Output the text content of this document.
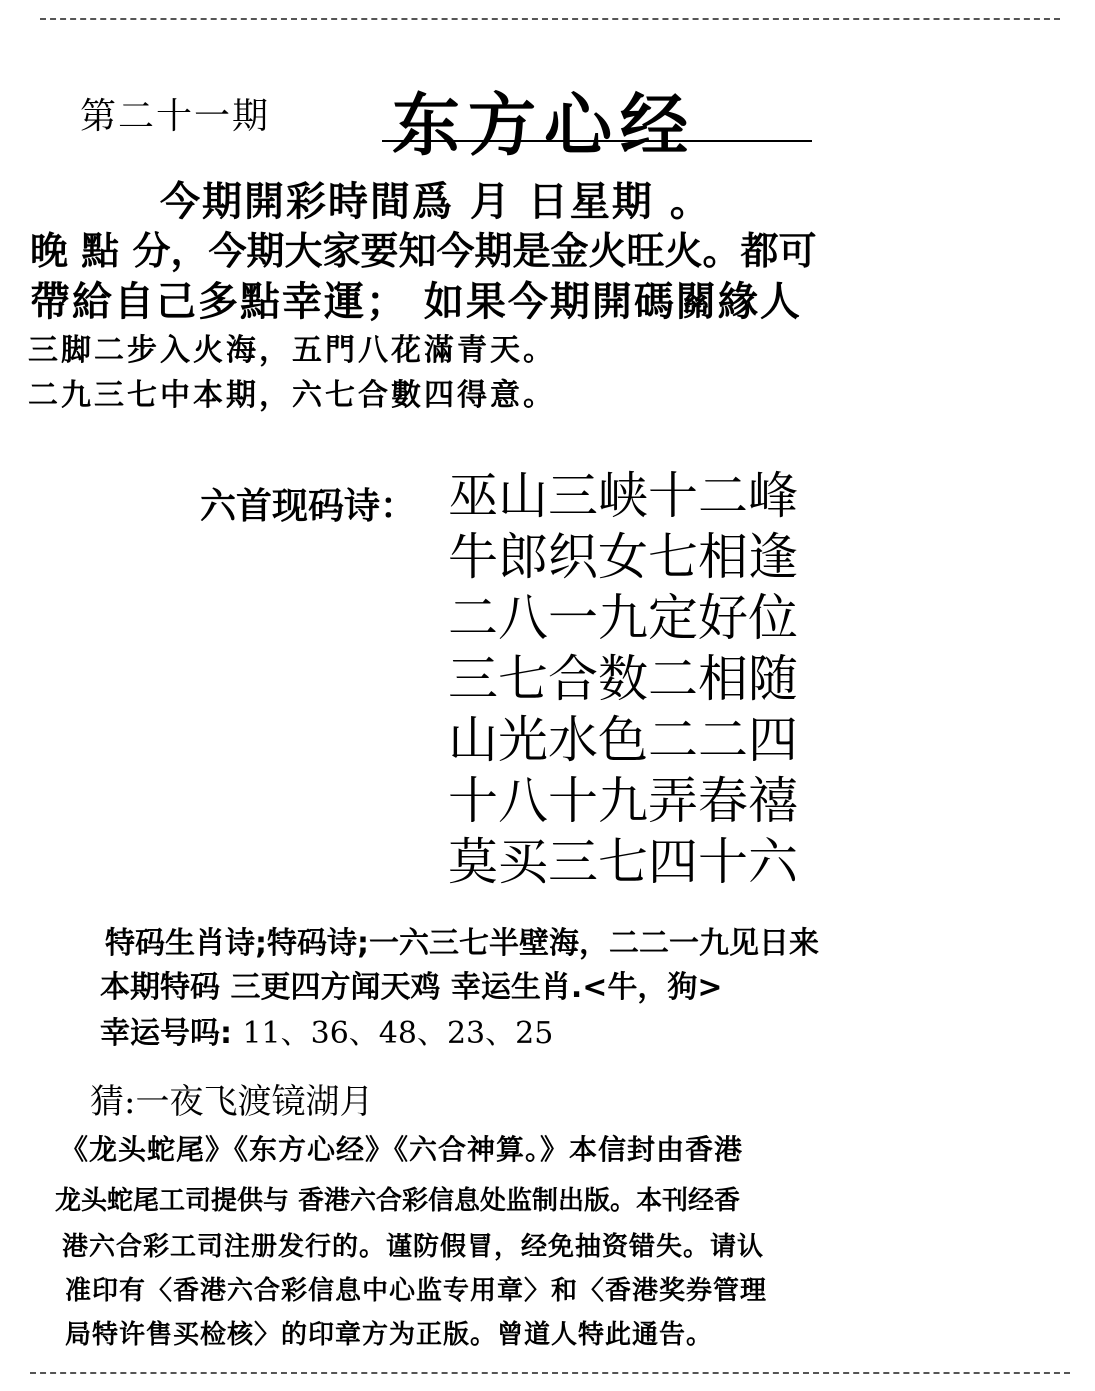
第二十一期 东方心经
今期開彩時間爲 月 日星期 。
晚 點 分，今期大家要知今期是金火旺火。都可
帶給自己多點幸運； 如果今期開碼關緣人
三脚二步入火海，五門八花滿青天。
二九三七中本期，六七合數四得意。
六首现码诗： 巫山三峡十二峰
牛郎织女七相逢
二八一九定好位
三七合数二相随
山光水色二二四
十八十九弄春禧
莫买三七四十六
特码生肖诗;特码诗;一六三七半壁海，二二一九见日来
本期特码 三更四方闻天鸡 幸运生肖.<牛，狗>
幸运号吗: 11、36、48、23、25
猜:一夜飞渡镜湖月
《龙头蛇尾》《东方心经》《六合神算。》本信封由香港
龙头蛇尾工司提供与 香港六合彩信息处监制出版。本刊经香
港六合彩工司注册发行的。谨防假冒，经免抽资错失。请认
准印有〈香港六合彩信息中心监专用章〉和〈香港奖券管理
局特许售买检核〉的印章方为正版。曾道人特此通告。
